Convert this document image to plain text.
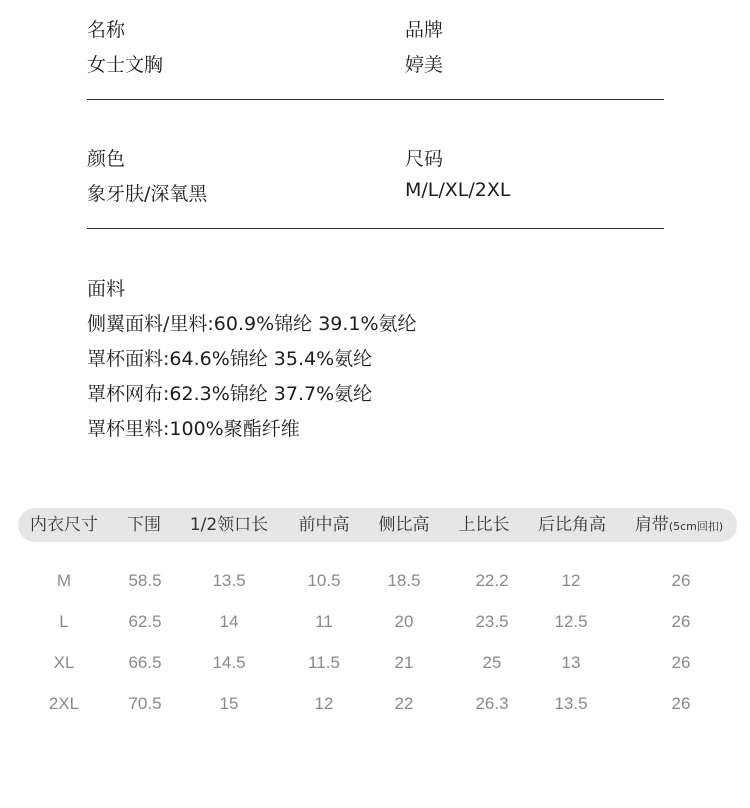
名称
女士文胸
品牌
婷美
颜色
象牙肤/深氧黑
尺码
M/L/XL/2XL
面料
侧翼面料/里料:60.9%锦纶 39.1%氨纶
罩杯面料:64.6%锦纶 35.4%氨纶
罩杯网布:62.3%锦纶 37.7%氨纶
罩杯里料:100%聚酯纤维
内衣尺寸 下围 1/2领口长 前中高 侧比高 上比长 后比角高 肩带(5cm回扣)
M	58.5	13.5	10.5	18.5	22.2	12	26
L	62.5	14	11	20	23.5	12.5	26
XL	66.5	14.5	11.5	21	25	13	26
2XL	70.5	15	12	22	26.3	13.5	26
